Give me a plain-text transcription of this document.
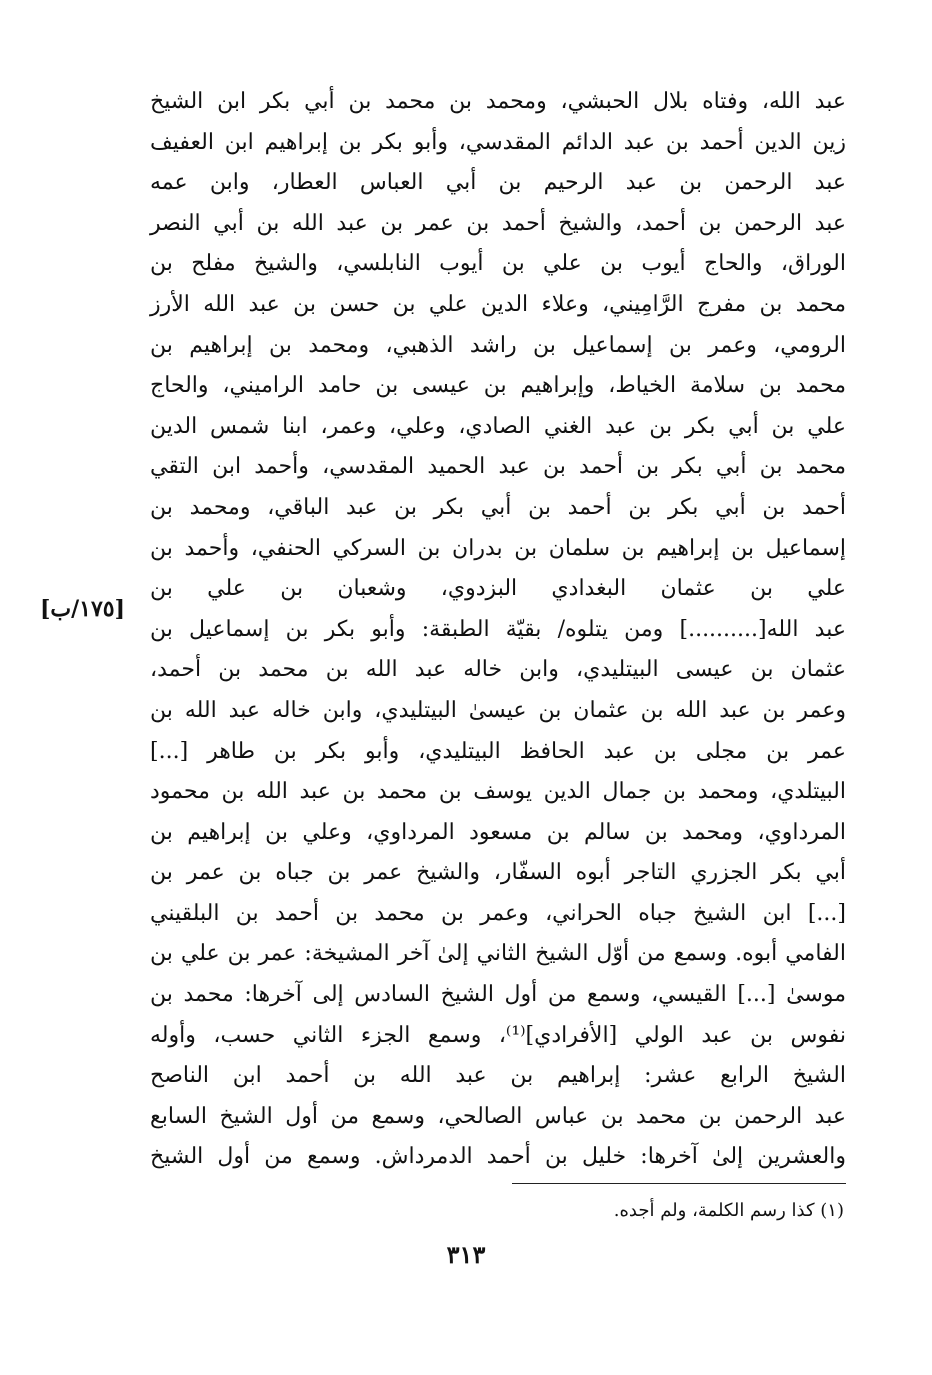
عبد الله، وفتاه بلال الحبشي، ومحمد بن محمد بن أبي بكر ابن الشيخ
زين الدين أحمد بن عبد الدائم المقدسي، وأبو بكر بن إبراهيم ابن العفيف
عبد الرحمن بن عبد الرحيم بن أبي العباس العطار، وابن عمه
عبد الرحمن بن أحمد، والشيخ أحمد بن عمر بن عبد الله بن أبي النصر
الوراق، والحاج أيوب بن علي بن أيوب النابلسي، والشيخ مفلح بن
محمد بن مفرج الرَّامِيني، وعلاء الدين علي بن حسن بن عبد الله الأرز
الرومي، وعمر بن إسماعيل بن راشد الذهبي، ومحمد بن إبراهيم بن
محمد بن سلامة الخياط، وإبراهيم بن عيسى بن حامد الراميني، والحاج
علي بن أبي بكر بن عبد الغني الصادي، وعلي، وعمر، ابنا شمس الدين
محمد بن أبي بكر بن أحمد بن عبد الحميد المقدسي، وأحمد ابن التقي
أحمد بن أبي بكر بن أحمد بن أبي بكر بن عبد الباقي، ومحمد بن
إسماعيل بن إبراهيم بن سلمان بن بدران بن السركي الحنفي، وأحمد بن
علي بن عثمان البغدادي البزدوي، وشعبان بن علي بن
عبد الله[..........] ومن يتلوه/ بقيّة الطبقة: وأبو بكر بن إسماعيل بن
عثمان بن عيسى البيتليدي، وابن خاله عبد الله بن محمد بن أحمد،
وعمر بن عبد الله بن عثمان بن عيسىٰ البيتليدي، وابن خاله عبد الله بن
عمر بن مجلى بن عبد الحافظ البيتليدي، وأبو بكر بن طاهر [...]
البيتلدي، ومحمد بن جمال الدين يوسف بن محمد بن عبد الله بن محمود
المرداوي، ومحمد بن سالم بن مسعود المرداوي، وعلي بن إبراهيم بن
أبي بكر الجزري التاجر أبوه السفّار، والشيخ عمر بن جباه بن عمر بن
[...] ابن الشيخ جباه الحراني، وعمر بن محمد بن أحمد بن البلقيني
الفامي أبوه. وسمع من أوّل الشيخ الثاني إلىٰ آخر المشيخة: عمر بن علي بن
موسىٰ [...] القيسي، وسمع من أول الشيخ السادس إلى آخرها: محمد بن
نفوس بن عبد الولي [الأفرادي]⁽¹⁾، وسمع الجزء الثاني حسب، وأوله
الشيخ الرابع عشر: إبراهيم بن عبد الله بن أحمد ابن الناصح
عبد الرحمن بن محمد بن عباس الصالحي، وسمع من أول الشيخ السابع
والعشرين إلىٰ آخرها: خليل بن أحمد الدمرداش. وسمع من أول الشيخ
[١٧٥/ب]
(١) كذا رسم الكلمة، ولم أجده.
٣١٣
